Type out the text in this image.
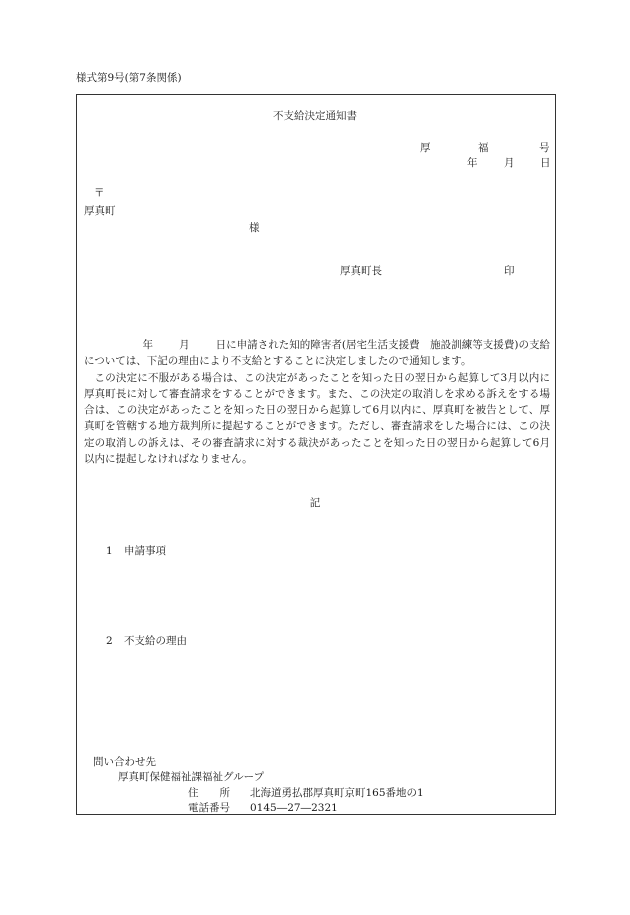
様式第9号(第7条関係)
不支給決定通知書
厚	福	号
年	月 日
〒
厚真町
様
厚真町長	印

年 月 日に申請された知的障害者(居宅生活支援費　施設訓練等支援費)の支給については、下記の理由により不支給とすることに決定しましたので通知します。

この決定に不服がある場合は、この決定があったことを知った日の翌日から起算して3月以内に厚真町長に対して審査請求をすることができます。また、この決定の取消しを求める訴えをする場合は、この決定があったことを知った日の翌日から起算して6月以内に、厚真町を被告として、厚真町を管轄する地方裁判所に提起することができます。ただし、審査請求をした場合には、この決定の取消しの訴えは、その審査請求に対する裁決があったことを知った日の翌日から起算して6月以内に提起しなければなりません。

記
1 申請事項
2 不支給の理由
問い合わせ先
厚真町保健福祉課福祉グループ
住　　所 北海道勇払郡厚真町京町165番地の1
電話番号 0145―27―2321
